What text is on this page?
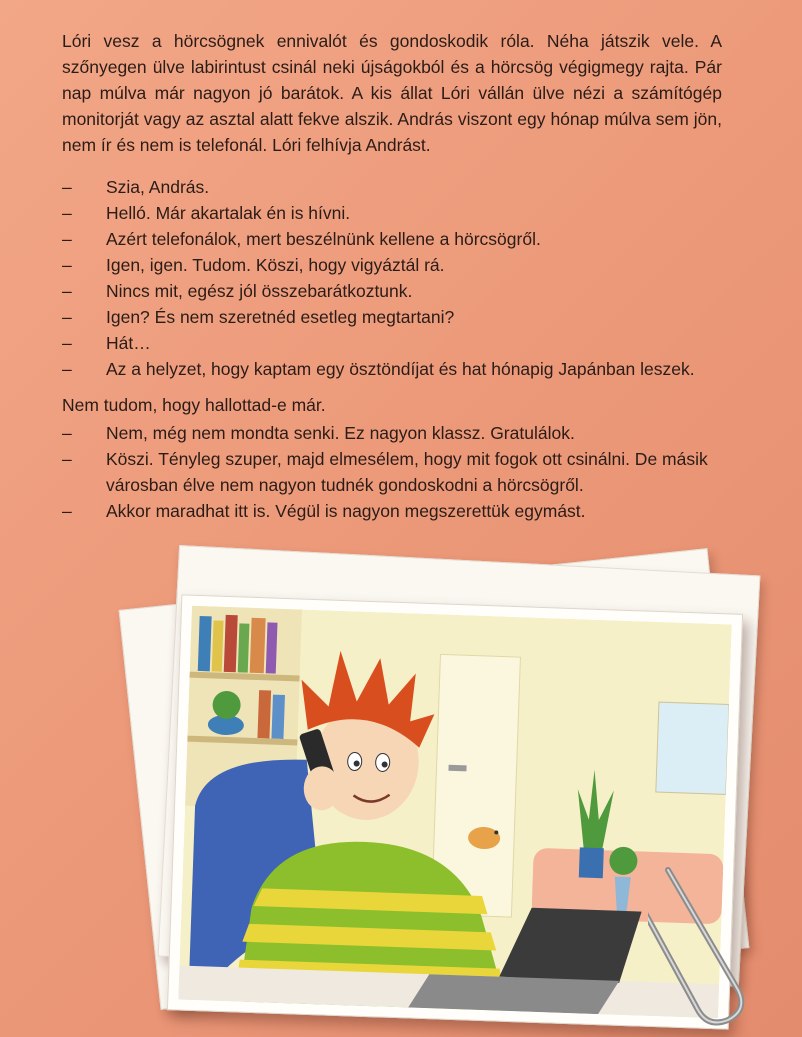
Lóri vesz a hörcsögnek ennivalót és gondoskodik róla. Néha játszik vele. A szőnyegen ülve labirintust csinál neki újságokból és a hörcsög végigmegy rajta. Pár nap múlva már nagyon jó barátok. A kis állat Lóri vállán ülve nézi a számítógép monitorját vagy az asztal alatt fekve alszik. András viszont egy hónap múlva sem jön, nem ír és nem is telefonál. Lóri felhívja Andrást.

–	Szia, András.
–	Helló. Már akartalak én is hívni.
–	Azért telefonálok, mert beszélnünk kellene a hörcsögről.
–	Igen, igen. Tudom. Köszi, hogy vigyáztál rá.
–	Nincs mit, egész jól összebarátkoztunk.
–	Igen? És nem szeretnéd esetleg megtartani?
–	Hát…
–	Az a helyzet, hogy kaptam egy ösztöndíjat és hat hónapig Japánban leszek.

Nem tudom, hogy hallottad-e már.

–	Nem, még nem mondta senki. Ez nagyon klassz. Gratulálok.
–	Köszi. Tényleg szuper, majd elmesélem, hogy mit fogok ott csinálni. De másik városban élve nem nagyon tudnék gondoskodni a hörcsögről.
–	Akkor maradhat itt is. Végül is nagyon megszerettük egymást.
